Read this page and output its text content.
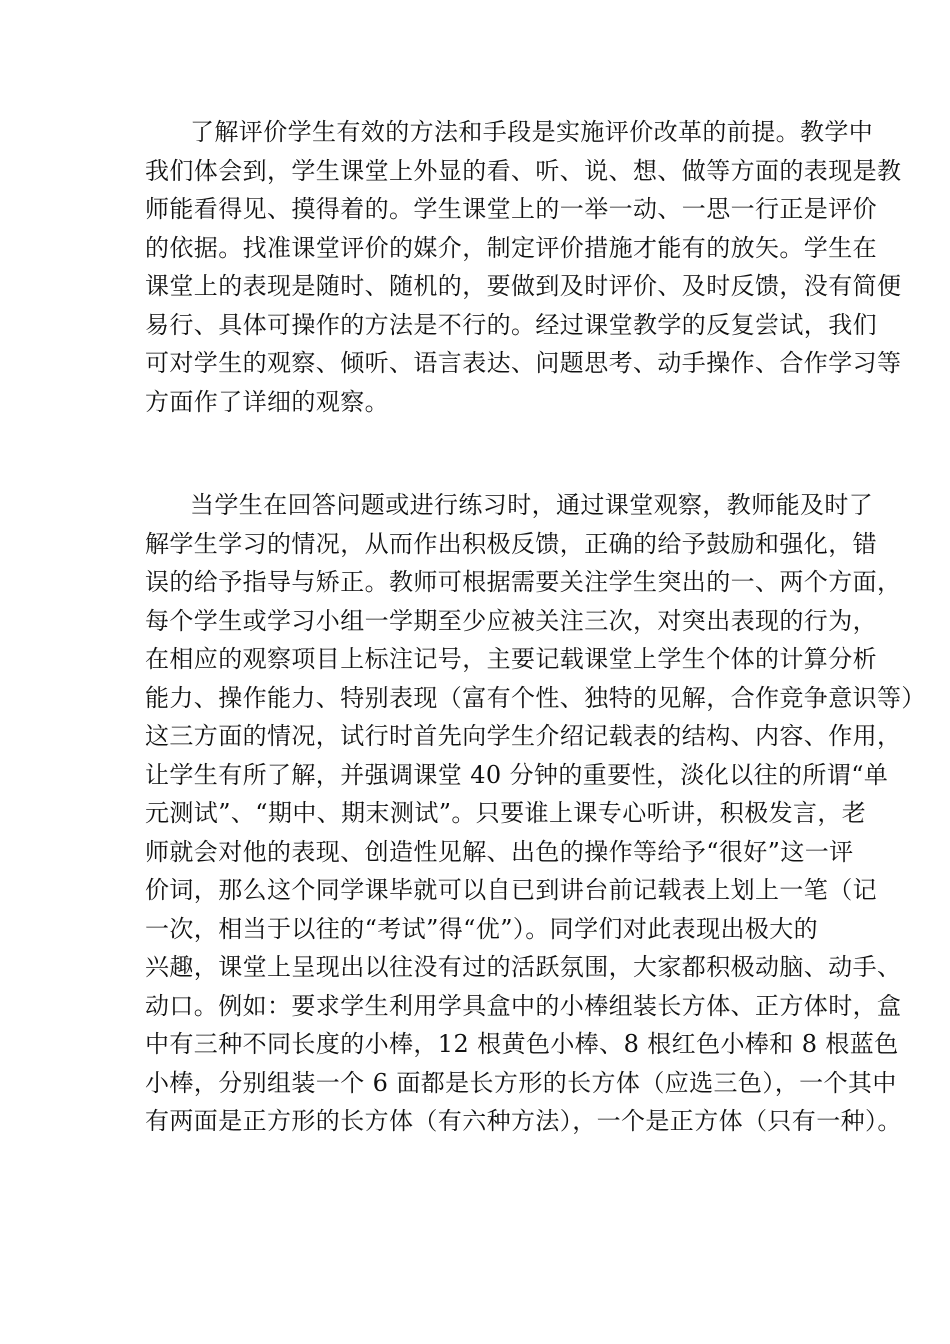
了解评价学生有效的方法和手段是实施评价改革的前提。教学中
我们体会到，学生课堂上外显的看、听、说、想、做等方面的表现是教
师能看得见、摸得着的。学生课堂上的一举一动、一思一行正是评价
的依据。找准课堂评价的媒介，制定评价措施才能有的放矢。学生在
课堂上的表现是随时、随机的，要做到及时评价、及时反馈，没有简便
易行、具体可操作的方法是不行的。经过课堂教学的反复尝试，我们
可对学生的观察、倾听、语言表达、问题思考、动手操作、合作学习等
方面作了详细的观察。
当学生在回答问题或进行练习时，通过课堂观察，教师能及时了
解学生学习的情况，从而作出积极反馈，正确的给予鼓励和强化，错
误的给予指导与矫正。教师可根据需要关注学生突出的一、两个方面，
每个学生或学习小组一学期至少应被关注三次，对突出表现的行为，
在相应的观察项目上标注记号，主要记载课堂上学生个体的计算分析
能力、操作能力、特别表现（富有个性、独特的见解，合作竞争意识等）
这三方面的情况，试行时首先向学生介绍记载表的结构、内容、作用，
让学生有所了解，并强调课堂 40 分钟的重要性，淡化以往的所谓“单
元测试”、“期中、期末测试”。只要谁上课专心听讲，积极发言，老
师就会对他的表现、创造性见解、出色的操作等给予“很好”这一评
价词，那么这个同学课毕就可以自已到讲台前记载表上划上一笔（记
一次，相当于以往的“考试”得“优”）。同学们对此表现出极大的
兴趣，课堂上呈现出以往没有过的活跃氛围，大家都积极动脑、动手、
动口。例如：要求学生利用学具盒中的小棒组装长方体、正方体时，盒
中有三种不同长度的小棒，12 根黄色小棒、8 根红色小棒和 8 根蓝色
小棒，分别组装一个 6 面都是长方形的长方体（应选三色），一个其中
有两面是正方形的长方体（有六种方法），一个是正方体（只有一种）。
